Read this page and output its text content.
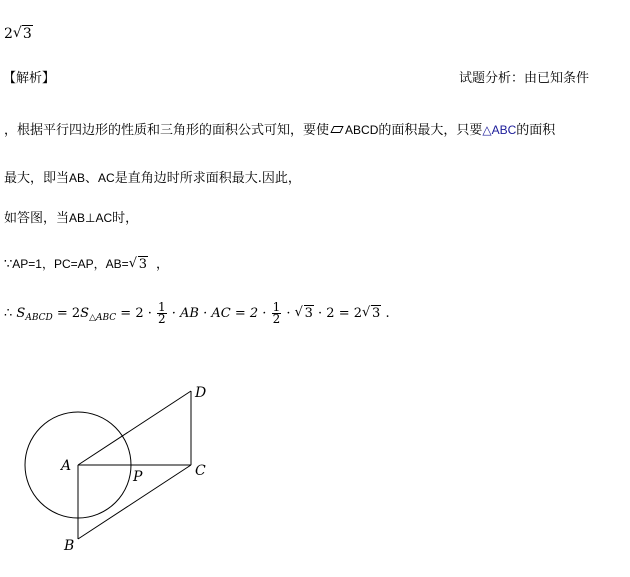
2 √ 3
【解析】	试题分析：由已知条件
，根据平行四边形的性质和三角形的面积公式可知，要使 ABCD的面积最大，只要△ABC的面积
最大，即当AB、AC是直角边时所求面积最大.因此，
如答图，当AB⊥AC时，
∵AP=1，PC=AP，AB= √ 3 ，
∴ $S_{ABCD} = 2S_{\triangle ABC} = 2 \cdot \frac{1}{2}$ · AB · AC = $2 \cdot \frac{1}{2}$ · √ 3 · 2 = 2 √ 3 .
A
P	C
D
B
